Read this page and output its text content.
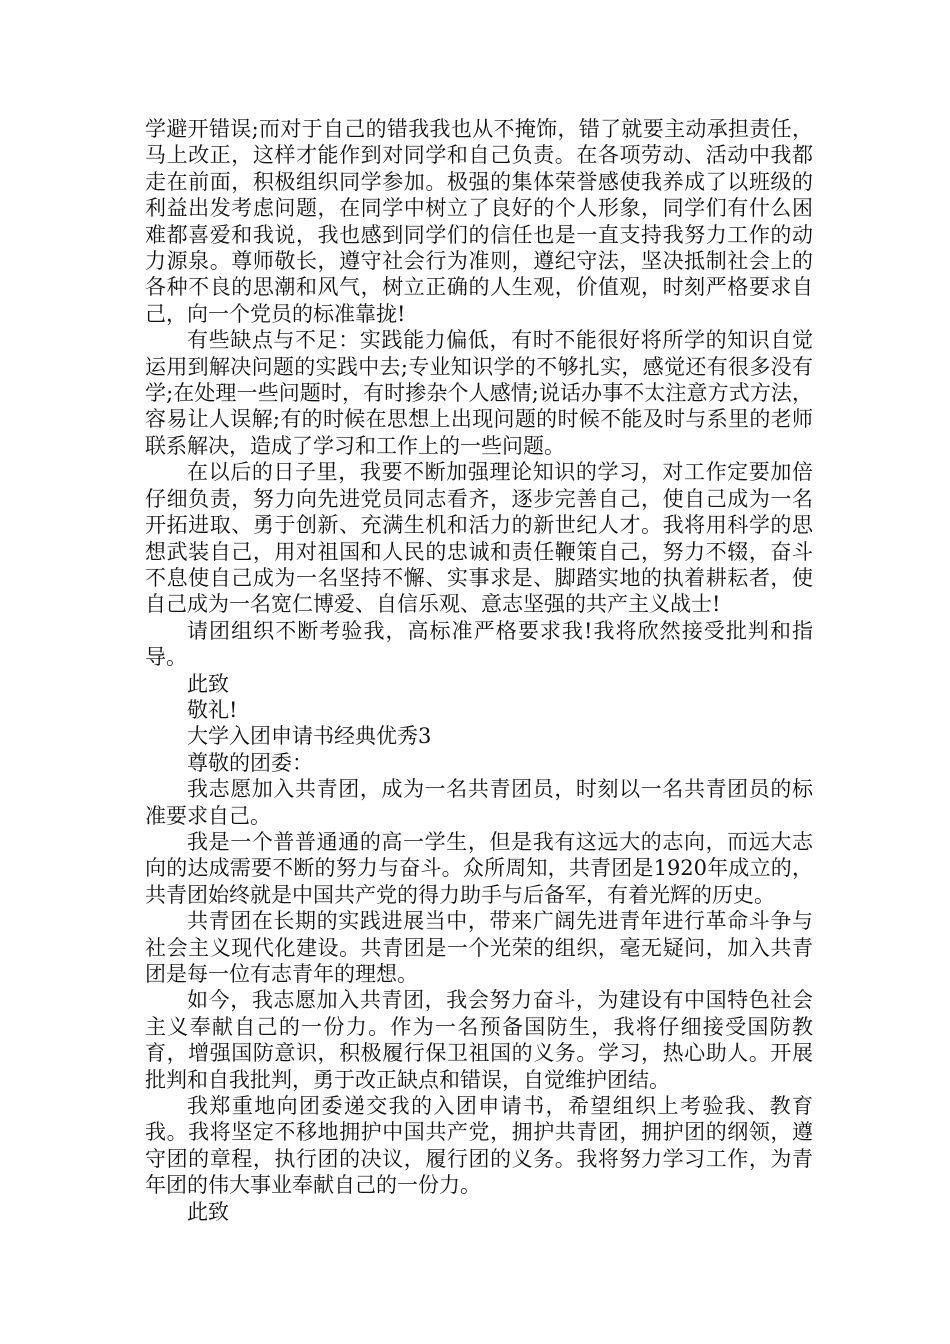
学避开错误;而对于自己的错我我也从不掩饰，错了就要主动承担责任，马上改正，这样才能作到对同学和自己负责。在各项劳动、活动中我都走在前面，积极组织同学参加。极强的集体荣誉感使我养成了以班级的利益出发考虑问题，在同学中树立了良好的个人形象，同学们有什么困难都喜爱和我说，我也感到同学们的信任也是一直支持我努力工作的动力源泉。尊师敬长，遵守社会行为准则，遵纪守法，坚决抵制社会上的各种不良的思潮和风气，树立正确的人生观，价值观，时刻严格要求自己，向一个党员的标准靠拢!

有些缺点与不足：实践能力偏低，有时不能很好将所学的知识自觉运用到解决问题的实践中去;专业知识学的不够扎实，感觉还有很多没有学;在处理一些问题时，有时掺杂个人感情;说话办事不太注意方式方法，容易让人误解;有的时候在思想上出现问题的时候不能及时与系里的老师联系解决，造成了学习和工作上的一些问题。

在以后的日子里，我要不断加强理论知识的学习，对工作定要加倍仔细负责，努力向先进党员同志看齐，逐步完善自己，使自己成为一名开拓进取、勇于创新、充满生机和活力的新世纪人才。我将用科学的思想武装自己，用对祖国和人民的忠诚和责任鞭策自己，努力不辍，奋斗不息使自己成为一名坚持不懈、实事求是、脚踏实地的执着耕耘者，使自己成为一名宽仁博爱、自信乐观、意志坚强的共产主义战士!

请团组织不断考验我，高标准严格要求我!我将欣然接受批判和指导。

此致

敬礼!

大学入团申请书经典优秀3

尊敬的团委：

我志愿加入共青团，成为一名共青团员，时刻以一名共青团员的标准要求自己。

我是一个普普通通的高一学生，但是我有这远大的志向，而远大志向的达成需要不断的努力与奋斗。众所周知，共青团是1920年成立的，共青团始终就是中国共产党的得力助手与后备军，有着光辉的历史。

共青团在长期的实践进展当中，带来广阔先进青年进行革命斗争与社会主义现代化建设。共青团是一个光荣的组织，毫无疑问，加入共青团是每一位有志青年的理想。

如今，我志愿加入共青团，我会努力奋斗，为建设有中国特色社会主义奉献自己的一份力。作为一名预备国防生，我将仔细接受国防教育，增强国防意识，积极履行保卫祖国的义务。学习，热心助人。开展批判和自我批判，勇于改正缺点和错误，自觉维护团结。

我郑重地向团委递交我的入团申请书，希望组织上考验我、教育我。我将坚定不移地拥护中国共产党，拥护共青团，拥护团的纲领，遵守团的章程，执行团的决议，履行团的义务。我将努力学习工作，为青年团的伟大事业奉献自己的一份力。

此致
